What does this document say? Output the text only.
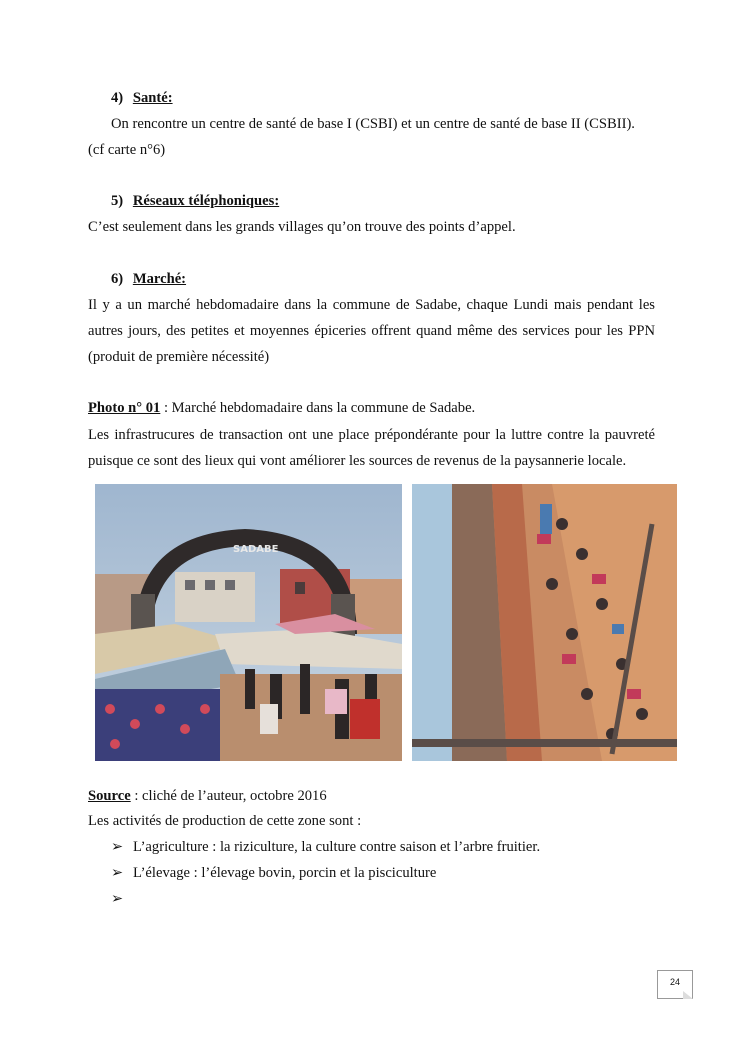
4) Santé:
On rencontre un centre de santé de base I (CSBI) et un centre de santé de base II (CSBII).
(cf carte n°6)
5) Réseaux téléphoniques:
C’est seulement dans les grands villages qu’on trouve des points d’appel.
6) Marché:
Il y a un marché hebdomadaire dans la commune de Sadabe, chaque Lundi mais pendant les
autres jours, des petites et moyennes épiceries offrent quand même des services pour les PPN
(produit de première nécessité)
Photo n° 01 : Marché hebdomadaire dans la commune de Sadabe.
Les infrastrucures de transaction ont une place prépondérante pour la luttre contre la pauvreté
puisque ce sont des lieux qui vont améliorer les sources de revenus de la paysannerie locale.
SADABE
Source : cliché de l’auteur, octobre 2016
Les activités de production de cette zone sont :
➢ L’agriculture : la riziculture, la culture contre saison et l’arbre fruitier.
➢ L’élevage : l’élevage bovin, porcin et la pisciculture
➢
24
